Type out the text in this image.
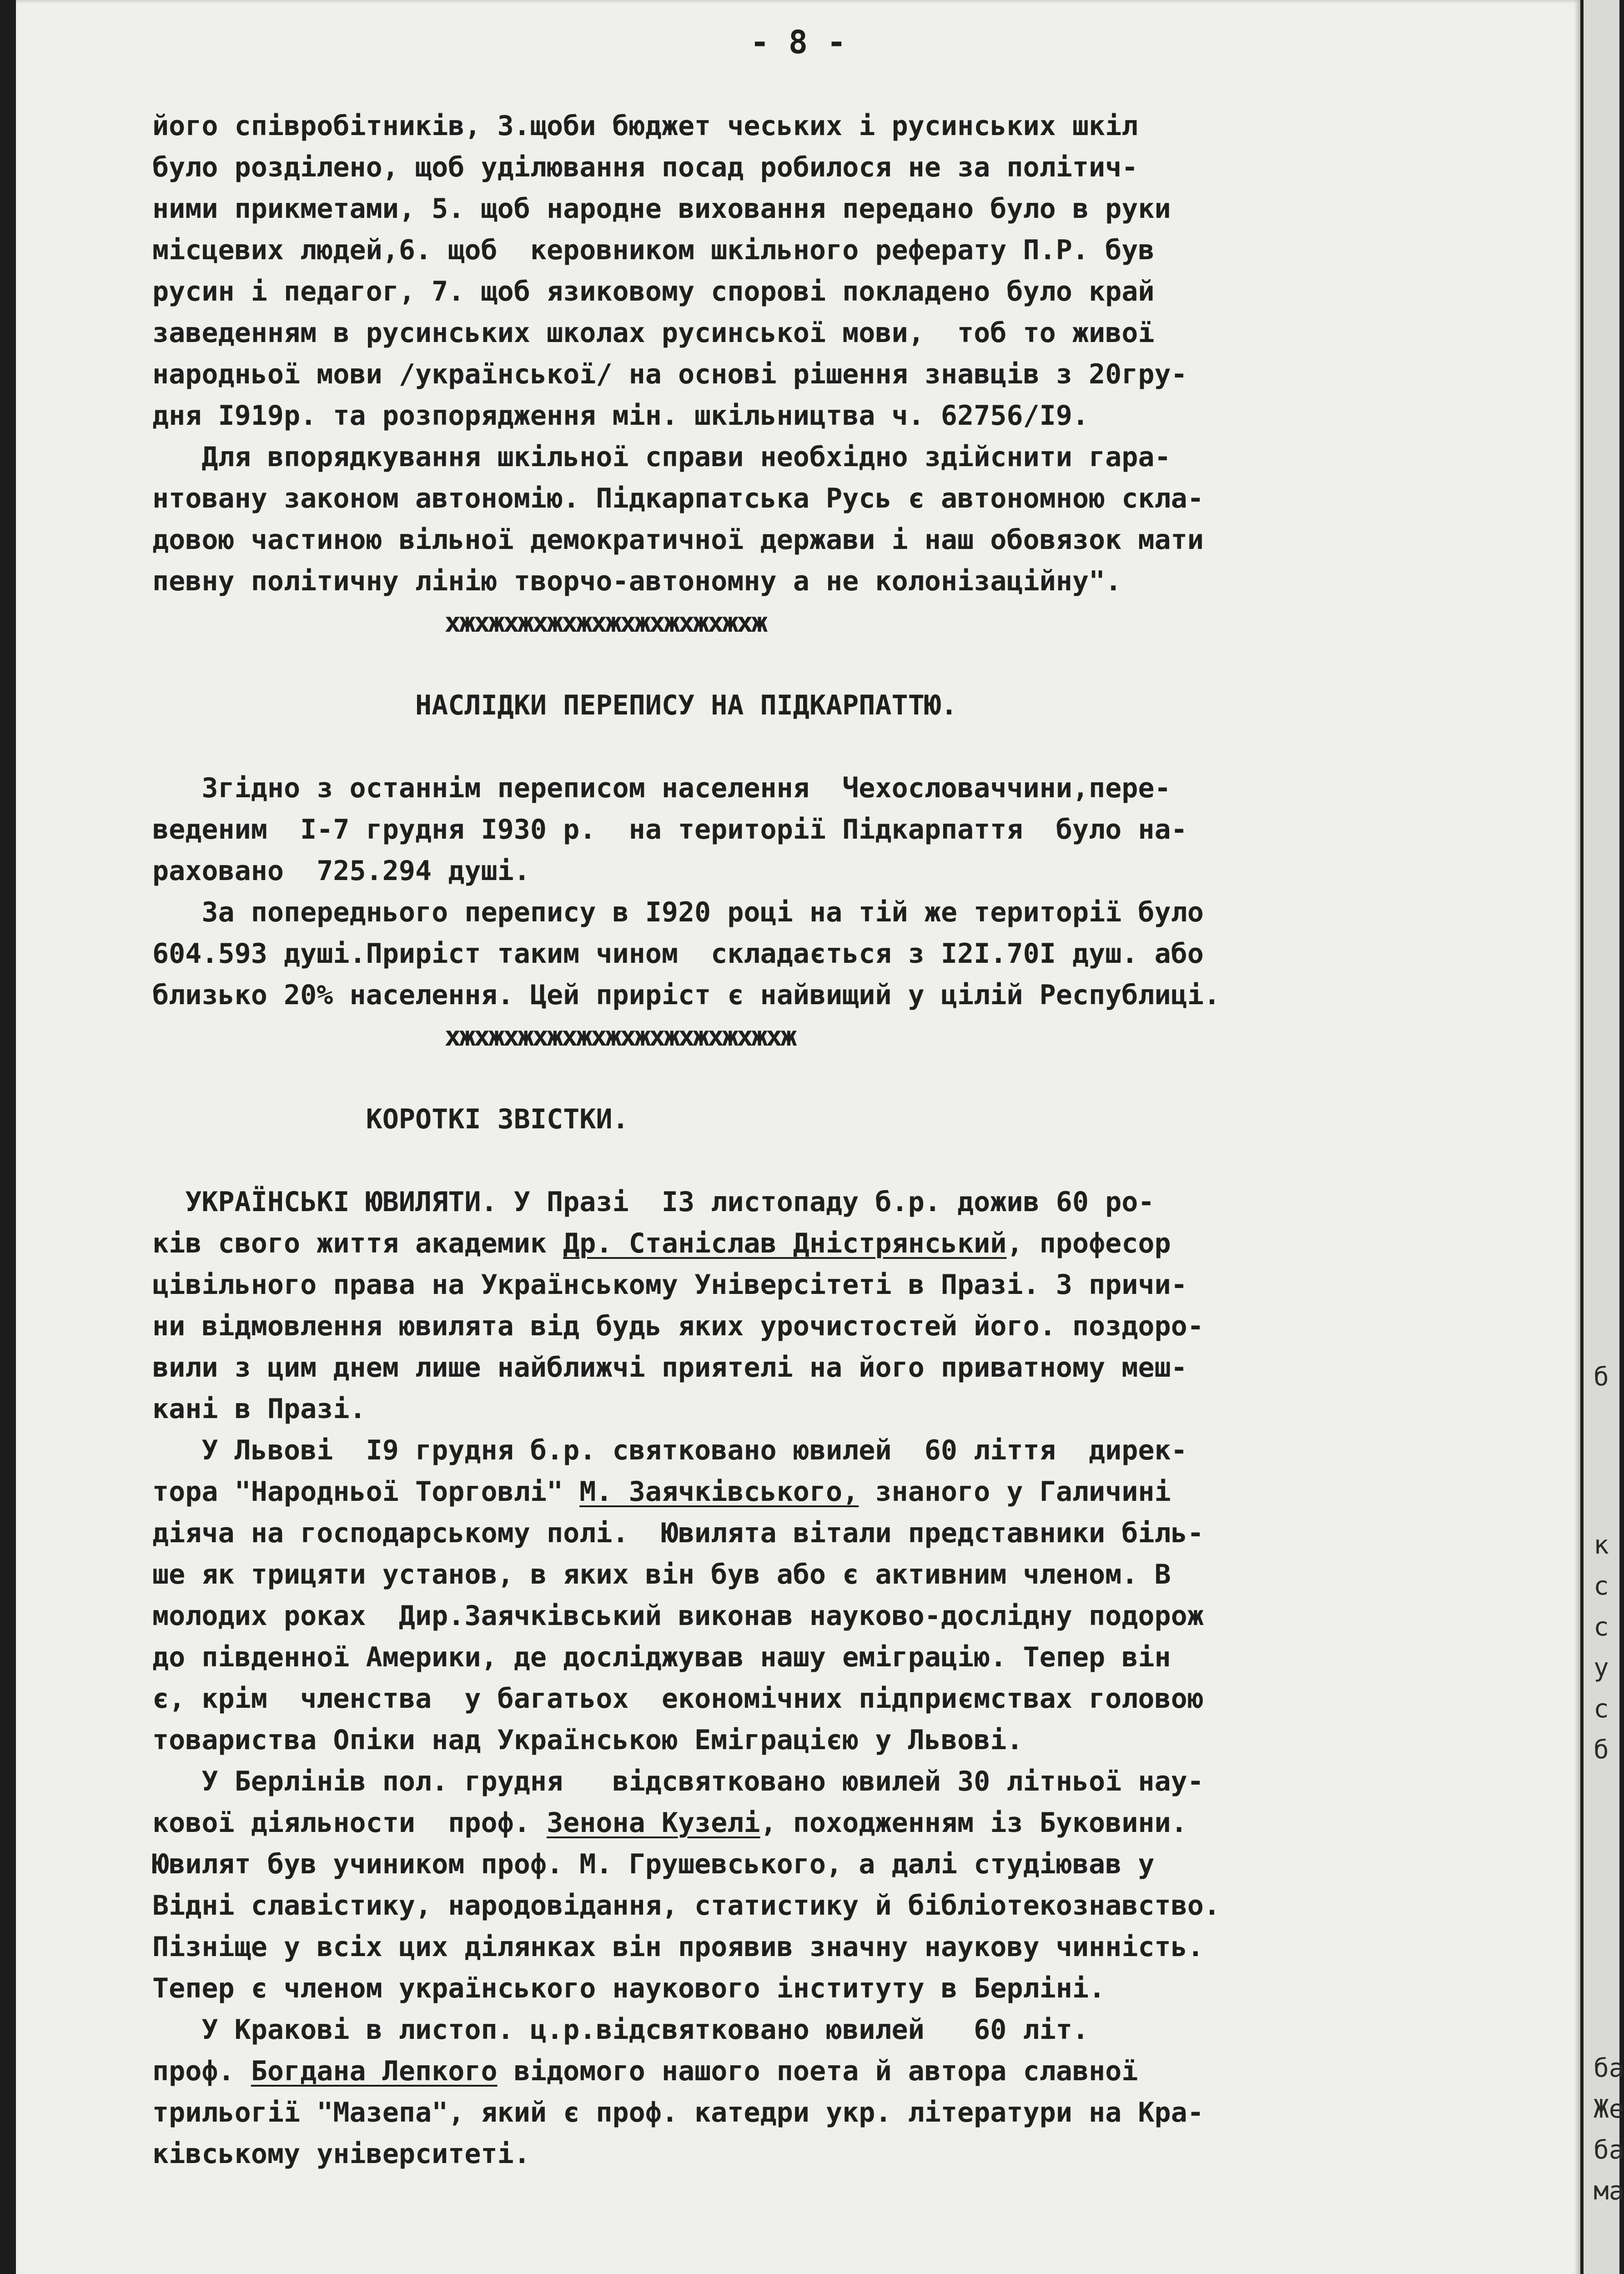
- 8 -

його співробітників, 3.щоби бюджет чеських і русинських шкіл
було розділено, щоб уділювання посад робилося не за політич-
ними прикметами, 5. щоб народне виховання передано було в руки
місцевих людей,6. щоб  керовником шкільного реферату П.Р. був
русин і педагог, 7. щоб язиковому спорові покладено було край
заведенням в русинських школах русинської мови,  тоб то живої
народньої мови /української/ на основі рішення знавців з 20гру-
дня I919р. та розпорядження мін. шкільництва ч. 62756/I9.
Для впорядкування шкільної справи необхідно здійснити гара-
нтовану законом автономію. Підкарпатська Русь є автономною скла-
довою частиною вільної демократичної держави і наш обовязок мати
певну політичну лінію творчо-автономну а не колонізаційну".
xжxжxжxжxжxжxжxжxжxжxж
НАСЛІДКИ ПЕРЕПИСУ НА ПІДКАРПАТТЮ.
Згідно з останнім переписом населення  Чехословаччини,пере-
веденим  I-7 грудня I930 р.  на території Підкарпаття  було на-
раховано  725.294 душі.
За попереднього перепису в I920 році на тій же території було
604.593 душі.Приріст таким чином  складається з I2I.70I душ. або
близько 20% населення. Цей приріст є найвищий у цілій Республиці.
xжxжxжxжxжxжxжxжxжxжxжxж
КОРОТКІ ЗВІСТКИ.
УКРАЇНСЬКІ ЮВИЛЯТИ. У Празі  I3 листопаду б.р. дожив 60 ро-
ків свого життя академик Др. Станіслав Дністрянський, професор
цівільного права на Українському Універсітеті в Празі. З причи-
ни відмовлення ювилята від будь яких урочистостей його. поздоро-
вили з цим днем лише найближчі приятелі на його приватному меш-
кані в Празі.
У Львові  I9 грудня б.р. святковано ювилей  60 ліття  дирек-
тора "Народньої Торговлі" М. Заячківського, знаного у Галичині
діяча на господарському полі.  Ювилята вітали представники біль-
ше як трицяти установ, в яких він був або є активним членом. В
молодих роках  Дир.Заячківський виконав науково-дослідну подорож
до південної Америки, де досліджував нашу еміграцію. Тепер він
є, крім  членства  у багатьох  економічних підприємствах головою
товариства Опіки над Українською Еміграцією у Львові.
У Берлінів пол. грудня   відсвятковано ювилей 30 літньої нау-
кової діяльности  проф. Зенона Кузелі, походженням із Буковини.
Ювилят був учиником проф. М. Грушевського, а далі студіював у
Відні славістику, народовідання, статистику й бібліотекознавство.
Пізніще у всіх цих ділянках він проявив значну наукову чинність.
Тепер є членом українського наукового інституту в Берліні.
У Кракові в листоп. ц.р.відсвятковано ювилей   60 літ.
проф. Богдана Лепкого відомого нашого поета й автора славної
трильогії "Мазепа", який є проф. катедри укр. літератури на Кра-
ківському університеті.
б
к
с
с
у
с
б
ба
Же
ба
ма
